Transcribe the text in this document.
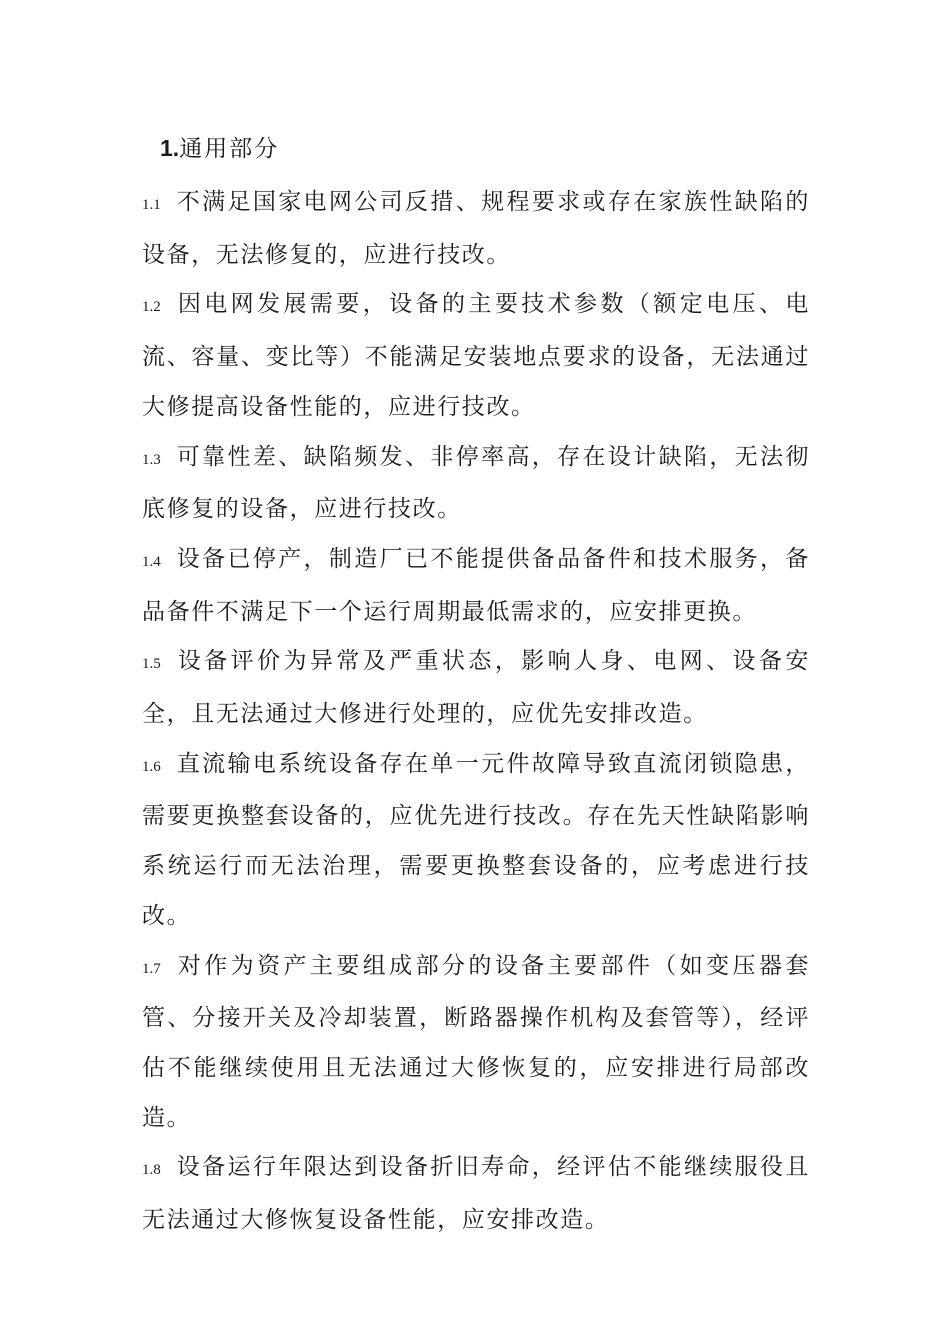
1.通用部分

1.1 不满足国家电网公司反措、规程要求或存在家族性缺陷的设备，无法修复的，应进行技改。

1.2 因电网发展需要，设备的主要技术参数（额定电压、电流、容量、变比等）不能满足安装地点要求的设备，无法通过大修提高设备性能的，应进行技改。

1.3 可靠性差、缺陷频发、非停率高，存在设计缺陷，无法彻底修复的设备，应进行技改。

1.4 设备已停产，制造厂已不能提供备品备件和技术服务，备品备件不满足下一个运行周期最低需求的，应安排更换。

1.5 设备评价为异常及严重状态，影响人身、电网、设备安全，且无法通过大修进行处理的，应优先安排改造。

1.6 直流输电系统设备存在单一元件故障导致直流闭锁隐患，需要更换整套设备的，应优先进行技改。存在先天性缺陷影响系统运行而无法治理，需要更换整套设备的，应考虑进行技改。

1.7 对作为资产主要组成部分的设备主要部件（如变压器套管、分接开关及冷却装置，断路器操作机构及套管等），经评估不能继续使用且无法通过大修恢复的，应安排进行局部改造。

1.8 设备运行年限达到设备折旧寿命，经评估不能继续服役且无法通过大修恢复设备性能，应安排改造。
